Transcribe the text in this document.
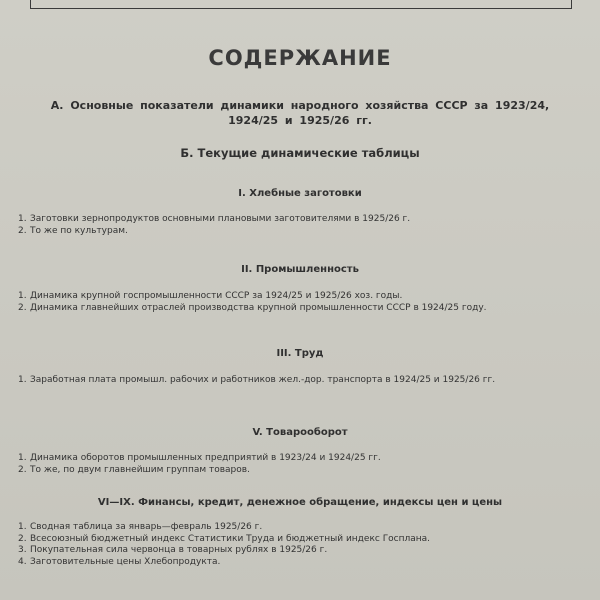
СОДЕРЖАНИЕ
А. Основные показатели динамики народного хозяйства СССР за 1923/24, 1924/25 и 1925/26 гг.
Б. Текущие динамические таблицы
I. Хлебные заготовки
1. Заготовки зернопродуктов основными плановыми заготовителями в 1925/26 г.
2. То же по культурам.
II. Промышленность
1. Динамика крупной госпромышленности СССР за 1924/25 и 1925/26 хоз. годы.
2. Динамика главнейших отраслей производства крупной промышленности СССР в 1924/25 году.
III. Труд
1. Заработная плата промышл. рабочих и работников жел.-дор. транспорта в 1924/25 и 1925/26 гг.
V. Товарооборот
1. Динамика оборотов промышленных предприятий в 1923/24 и 1924/25 гг.
2. То же, по двум главнейшим группам товаров.
VI—IX. Финансы, кредит, денежное обращение, индексы цен и цены
1. Сводная таблица за январь—февраль 1925/26 г.
2. Всесоюзный бюджетный индекс Статистики Труда и бюджетный индекс Госплана.
3. Покупательная сила червонца в товарных рублях в 1925/26 г.
4. Заготовительные цены Хлебопродукта.
